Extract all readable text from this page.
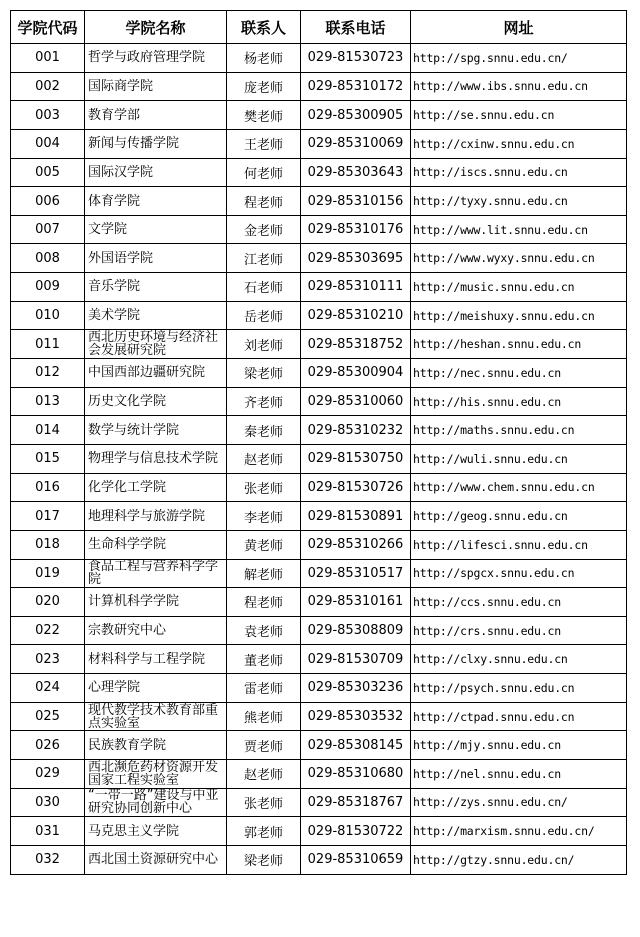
学院代码	学院名称	联系人	联系电话	网址
001	哲学与政府管理学院	杨老师	029-81530723	http://spg.snnu.edu.cn/
002	国际商学院	庞老师	029-85310172	http://www.ibs.snnu.edu.cn
003	教育学部	樊老师	029-85300905	http://se.snnu.edu.cn
004	新闻与传播学院	王老师	029-85310069	http://cxinw.snnu.edu.cn
005	国际汉学院	何老师	029-85303643	http://iscs.snnu.edu.cn
006	体育学院	程老师	029-85310156	http://tyxy.snnu.edu.cn
007	文学院	金老师	029-85310176	http://www.lit.snnu.edu.cn
008	外国语学院	江老师	029-85303695	http://www.wyxy.snnu.edu.cn
009	音乐学院	石老师	029-85310111	http://music.snnu.edu.cn
010	美术学院	岳老师	029-85310210	http://meishuxy.snnu.edu.cn
011	西北历史环境与经济社会发展研究院	刘老师	029-85318752	http://heshan.snnu.edu.cn
012	中国西部边疆研究院	梁老师	029-85300904	http://nec.snnu.edu.cn
013	历史文化学院	齐老师	029-85310060	http://his.snnu.edu.cn
014	数学与统计学院	秦老师	029-85310232	http://maths.snnu.edu.cn
015	物理学与信息技术学院	赵老师	029-81530750	http://wuli.snnu.edu.cn
016	化学化工学院	张老师	029-81530726	http://www.chem.snnu.edu.cn
017	地理科学与旅游学院	李老师	029-81530891	http://geog.snnu.edu.cn
018	生命科学学院	黄老师	029-85310266	http://lifesci.snnu.edu.cn
019	食品工程与营养科学学院	解老师	029-85310517	http://spgcx.snnu.edu.cn
020	计算机科学学院	程老师	029-85310161	http://ccs.snnu.edu.cn
022	宗教研究中心	袁老师	029-85308809	http://crs.snnu.edu.cn
023	材料科学与工程学院	董老师	029-81530709	http://clxy.snnu.edu.cn
024	心理学院	雷老师	029-85303236	http://psych.snnu.edu.cn
025	现代教学技术教育部重点实验室	熊老师	029-85303532	http://ctpad.snnu.edu.cn
026	民族教育学院	贾老师	029-85308145	http://mjy.snnu.edu.cn
029	西北濒危药材资源开发国家工程实验室	赵老师	029-85310680	http://nel.snnu.edu.cn
030	“一带一路”建设与中亚研究协同创新中心	张老师	029-85318767	http://zys.snnu.edu.cn/
031	马克思主义学院	郭老师	029-81530722	http://marxism.snnu.edu.cn/
032	西北国土资源研究中心	梁老师	029-85310659	http://gtzy.snnu.edu.cn/
